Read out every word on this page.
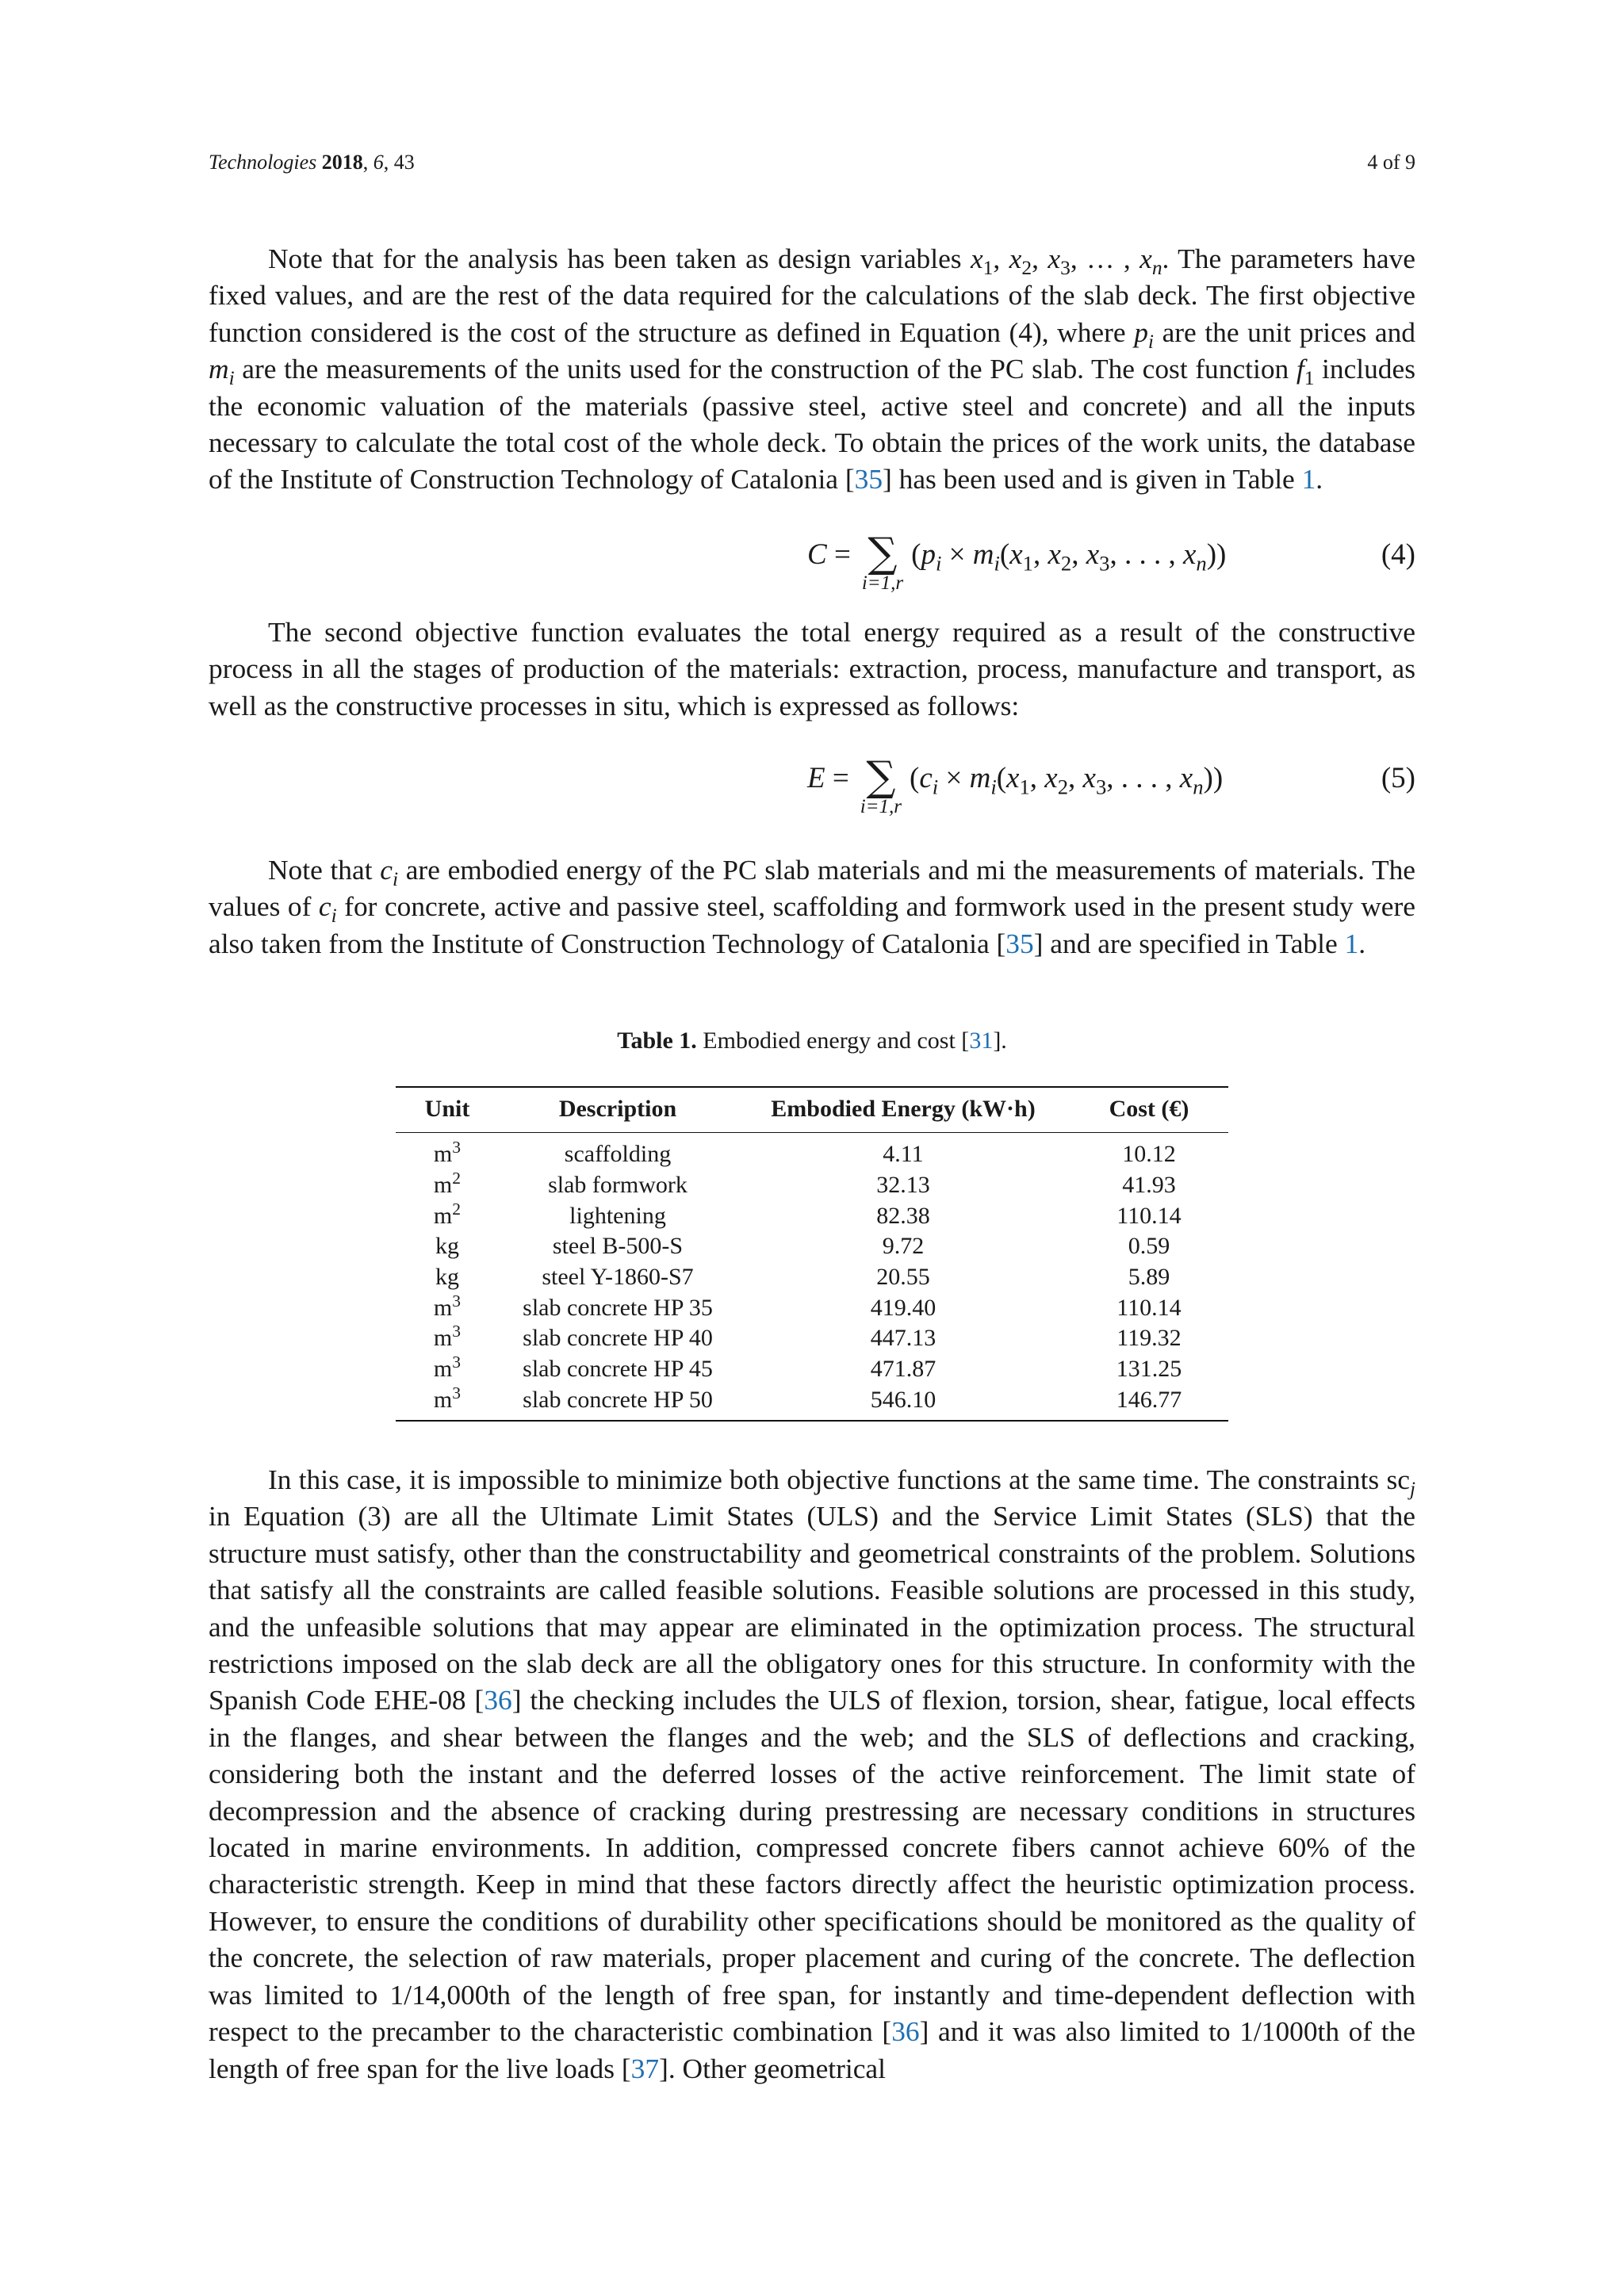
Technologies 2018, 6, 43	4 of 9

Note that for the analysis has been taken as design variables $x_1$, $x_2$, $x_3$, … , $x_n$. The parameters have fixed values, and are the rest of the data required for the calculations of the slab deck. The first objective function considered is the cost of the structure as defined in Equation (4), where $p_i$ are the unit prices and $m_i$ are the measurements of the units used for the construction of the PC slab. The cost function $f_1$ includes the economic valuation of the materials (passive steel, active steel and concrete) and all the inputs necessary to calculate the total cost of the whole deck. To obtain the prices of the work units, the database of the Institute of Construction Technology of Catalonia [35] has been used and is given in Table 1.

C = ∑
i=1,r
($p_i \times m_i(x_1$, $x_2$, $x_3$, . . . , $x_n$))	(4)

The second objective function evaluates the total energy required as a result of the constructive process in all the stages of production of the materials: extraction, process, manufacture and transport, as well as the constructive processes in situ, which is expressed as follows:

E = ∑
i=1,r
($c_i \times m_i(x_1$, $x_2$, $x_3$, . . . , $x_n$))	(5)

Note that $c_i$ are embodied energy of the PC slab materials and mi the measurements of materials. The values of $c_i$ for concrete, active and passive steel, scaffolding and formwork used in the present study were also taken from the Institute of Construction Technology of Catalonia [35] and are specified in Table 1.

Table 1. Embodied energy and cost [31].
Unit	Description	Embodied Energy (kW·h)	Cost (€)
$m^3$	scaffolding	4.11	10.12
$m^2$	slab formwork	32.13	41.93
$m^2$	lightening	82.38	110.14
kg	steel B-500-S	9.72	0.59
kg	steel Y-1860-S7	20.55	5.89
$m^3$	slab concrete HP 35	419.40	110.14
$m^3$	slab concrete HP 40	447.13	119.32
$m^3$	slab concrete HP 45	471.87	131.25
$m^3$	slab concrete HP 50	546.10	146.77

In this case, it is impossible to minimize both objective functions at the same time. The constraints $sc_j$ in Equation (3) are all the Ultimate Limit States (ULS) and the Service Limit States (SLS) that the structure must satisfy, other than the constructability and geometrical constraints of the problem. Solutions that satisfy all the constraints are called feasible solutions. Feasible solutions are processed in this study, and the unfeasible solutions that may appear are eliminated in the optimization process. The structural restrictions imposed on the slab deck are all the obligatory ones for this structure. In conformity with the Spanish Code EHE-08 [36] the checking includes the ULS of flexion, torsion, shear, fatigue, local effects in the flanges, and shear between the flanges and the web; and the SLS of deflections and cracking, considering both the instant and the deferred losses of the active reinforcement. The limit state of decompression and the absence of cracking during prestressing are necessary conditions in structures located in marine environments. In addition, compressed concrete fibers cannot achieve 60% of the characteristic strength. Keep in mind that these factors directly affect the heuristic optimization process. However, to ensure the conditions of durability other specifications should be monitored as the quality of the concrete, the selection of raw materials, proper placement and curing of the concrete. The deflection was limited to 1/14,000th of the length of free span, for instantly and time-dependent deflection with respect to the precamber to the characteristic combination [36] and it was also limited to 1/1000th of the length of free span for the live loads [37]. Other geometrical
